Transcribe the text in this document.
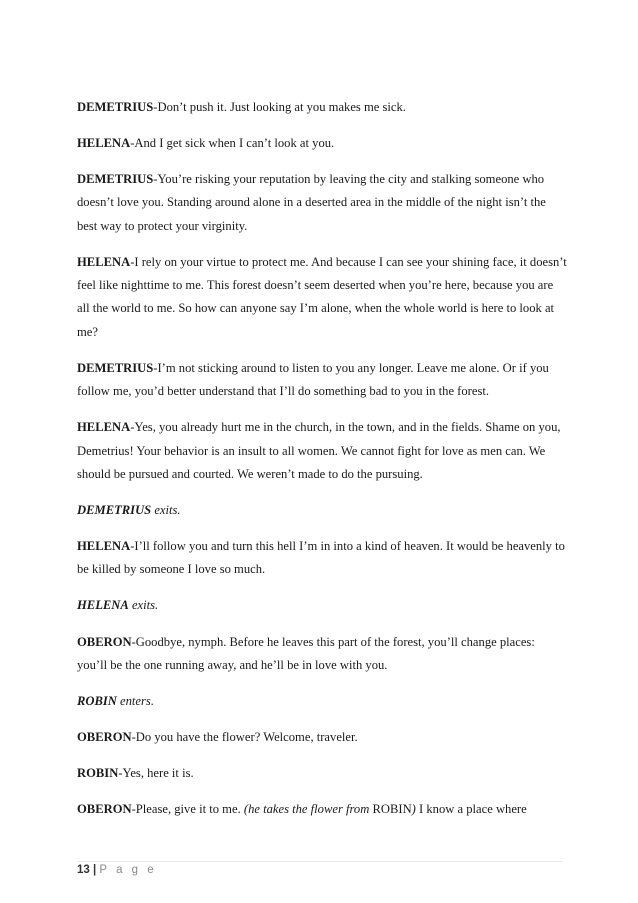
DEMETRIUS-Don’t push it. Just looking at you makes me sick.

HELENA-And I get sick when I can’t look at you.

DEMETRIUS-You’re risking your reputation by leaving the city and stalking someone who doesn’t love you. Standing around alone in a deserted area in the middle of the night isn’t the best way to protect your virginity.

HELENA-I rely on your virtue to protect me. And because I can see your shining face, it doesn’t feel like nighttime to me. This forest doesn’t seem deserted when you’re here, because you are all the world to me. So how can anyone say I’m alone, when the whole world is here to look at me?

DEMETRIUS-I’m not sticking around to listen to you any longer. Leave me alone. Or if you follow me, you’d better understand that I’ll do something bad to you in the forest.

HELENA-Yes, you already hurt me in the church, in the town, and in the fields. Shame on you, Demetrius! Your behavior is an insult to all women. We cannot fight for love as men can. We should be pursued and courted. We weren’t made to do the pursuing.

DEMETRIUS exits.

HELENA-I’ll follow you and turn this hell I’m in into a kind of heaven. It would be heavenly to be killed by someone I love so much.

HELENA exits.

OBERON-Goodbye, nymph. Before he leaves this part of the forest, you’ll change places: you’ll be the one running away, and he’ll be in love with you.

ROBIN enters.

OBERON-Do you have the flower? Welcome, traveler.

ROBIN-Yes, here it is.

OBERON-Please, give it to me. (he takes the flower from ROBIN) I know a place where

13 | P a g e
